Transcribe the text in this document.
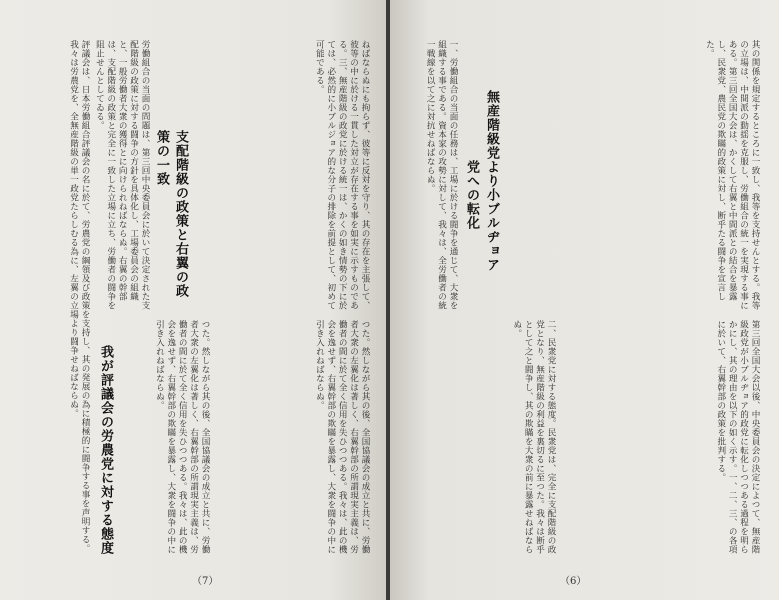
評議会は、日本労働組合評議会の名に於て、労農党の綱領及び政策を支持し、其の発展の為に積極的に闘争する事を声明する。我々は労農党を、全無産階級の単一政党たらしむる為に、左翼の立場より闘争せねばならぬ。
我が評議会の労農党に対する態度	つた。然しながら其の後、全国協議会の成立と共に、労働者大衆の左翼化は著しく、右翼幹部の所謂現実主義は、労働者の間に於て全く信用を失ひつつある。我々は、此の機会を逸せず、右翼幹部の欺瞞を暴露し、大衆を闘争の中に引き入れねばならぬ。
労働組合の当面の問題は、第三回中央委員会に於いて決定された支配階級の政策に対する闘争の方針を具体化し、工場委員会の組織と、一般労働者大衆の獲得とに向けられねばならぬ。右翼の幹部は、支配階級の政策と完全に一致した立場に立ち、労働者の闘争を阻止せんとしてゐる。
支配階級の政策と右翼の政策の一致	ねばならぬにも拘らず、彼等に反対を守り、其の存在を主張して、彼等の中に於ける一貫した対立が存在する事を如実に示すものである。三、無産階級の政党に於ける統一は、かくの如き情勢の下に於ては、必然的に小ブルジョア的な分子の排除を前提として、初めて可能である。
つた。然しながら其の後、全国協議会の成立と共に、労働者大衆の左翼化は著しく、右翼幹部の所謂現実主義は、労働者の間に於て全く信用を失ひつつある。我々は、此の機会を逸せず、右翼幹部の欺瞞を暴露し、大衆を闘争の中に引き入れねばならぬ。
（7）
二、民衆党に対する態度。民衆党は、完全に支配階級の政党となり、無産階級の利益を裏切るに至つた。我々は断乎として之と闘争し、其の欺瞞を大衆の前に暴露せねばならぬ。
一、労働組合の当面の任務は、工場に於ける闘争を通じて、大衆を組織する事である。資本家の攻勢に対して、我々は、全労働者の統一戦線を以て之に対抗せねばならぬ。
党への転化 無産階級党より小ブルヂョア
第三回全国大会以後、中央委員会の決定によつて、無産階級政党が小ブルヂョア的政党に転化しつつある過程を明らかにし、其の理由を以下の如く示す。一、二、三、の各項に於いて、右翼幹部の政策を批判する。
其の関係を規定するところに一致し、我等を支持せんとする。我等の立場は、中間派の動揺を克服し、労働組合の統一を実現する事にある。第三回全国大会は、かくして右翼と中間派との結合を暴露し、民衆党、農民党の欺瞞的政策に対し、断乎たる闘争を宣言した。
（6）
